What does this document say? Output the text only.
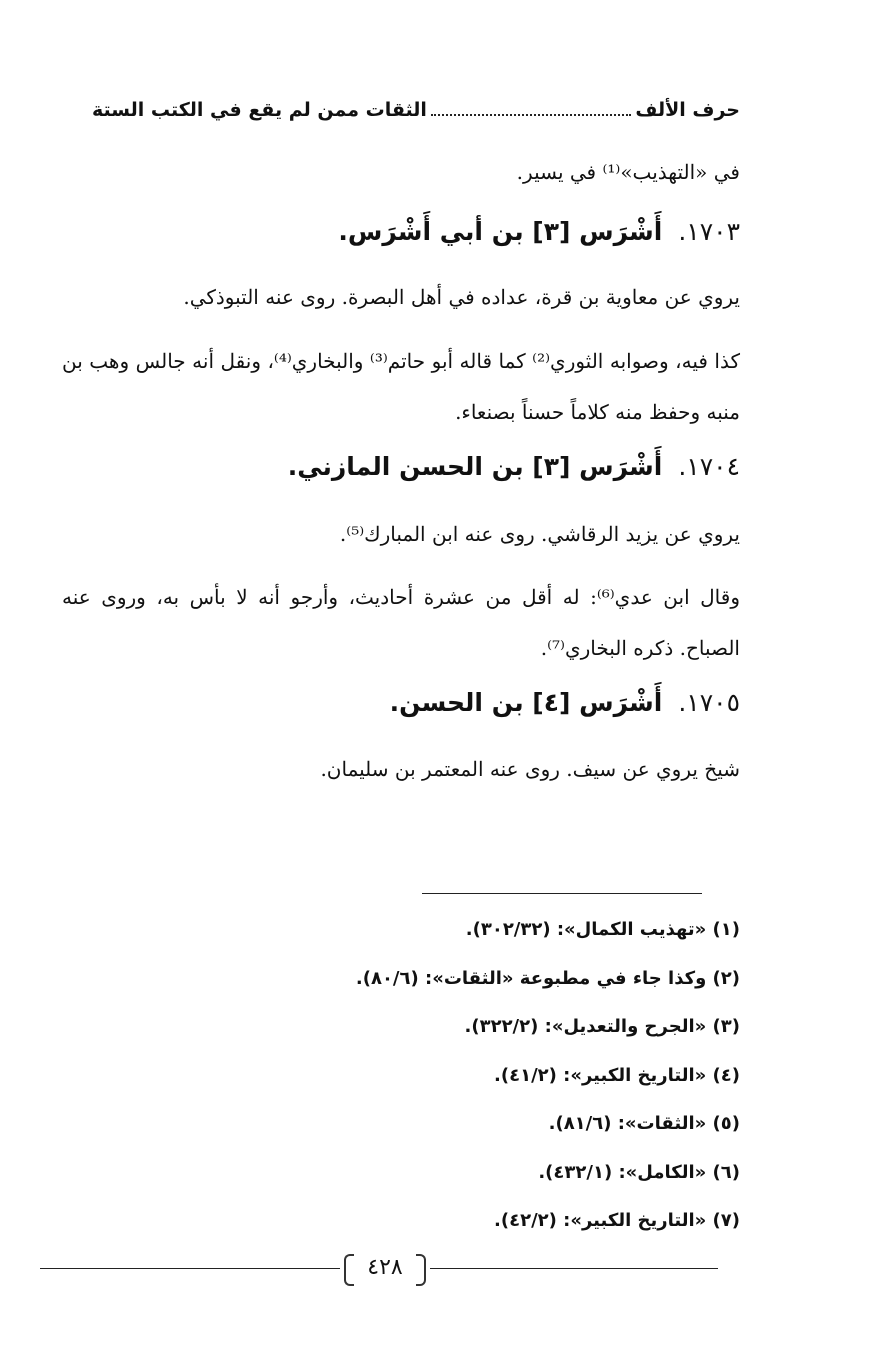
حرف الألف
الثقات ممن لم يقع في الكتب الستة
في «التهذيب»⁽¹⁾ في يسير.
١٧٠٣.أَشْرَس [٣] بن أبي أَشْرَس.
يروي عن معاوية بن قرة، عداده في أهل البصرة. روى عنه التبوذكي.
كذا فيه، وصوابه الثوري⁽²⁾ كما قاله أبو حاتم⁽³⁾ والبخاري⁽⁴⁾، ونقل أنه جالس وهب بن منبه وحفظ منه كلاماً حسناً بصنعاء.
١٧٠٤.أَشْرَس [٣] بن الحسن المازني.
يروي عن يزيد الرقاشي. روى عنه ابن المبارك⁽⁵⁾.
وقال ابن عدي⁽⁶⁾: له أقل من عشرة أحاديث، وأرجو أنه لا بأس به، وروى عنه الصباح. ذكره البخاري⁽⁷⁾.
١٧٠٥.أَشْرَس [٤] بن الحسن.
شيخ يروي عن سيف. روى عنه المعتمر بن سليمان.
(١) «تهذيب الكمال»: (٣٠٢/٣٢).
(٢) وكذا جاء في مطبوعة «الثقات»: (٨٠/٦).
(٣) «الجرح والتعديل»: (٣٢٢/٢).
(٤) «التاريخ الكبير»: (٤١/٢).
(٥) «الثقات»: (٨١/٦).
(٦) «الكامل»: (٤٣٢/١).
(٧) «التاريخ الكبير»: (٤٢/٢).
٤٢٨
